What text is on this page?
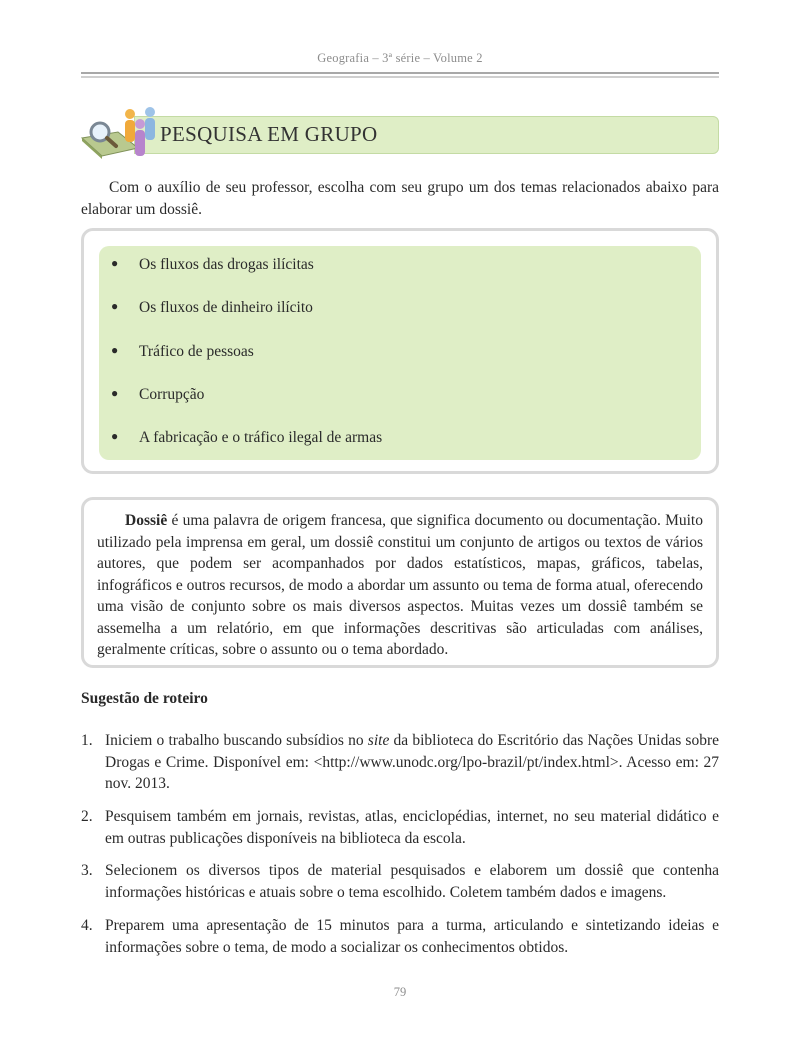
Geografia – 3ª série – Volume 2
PESQUISA EM GRUPO

Com o auxílio de seu professor, escolha com seu grupo um dos temas relacionados abaixo para elaborar um dossiê.

● Os fluxos das drogas ilícitas
● Os fluxos de dinheiro ilícito
● Tráfico de pessoas
● Corrupção
● A fabricação e o tráfico ilegal de armas

Dossiê é uma palavra de origem francesa, que significa documento ou documentação. Muito utilizado pela imprensa em geral, um dossiê constitui um conjunto de artigos ou textos de vários autores, que podem ser acompanhados por dados estatísticos, mapas, gráficos, tabelas, infográficos e outros recursos, de modo a abordar um assunto ou tema de forma atual, oferecendo uma visão de conjunto sobre os mais diversos aspectos. Muitas vezes um dossiê também se assemelha a um relatório, em que informações descritivas são articuladas com análises, geralmente críticas, sobre o assunto ou o tema abordado.

Sugestão de roteiro

1. Iniciem o trabalho buscando subsídios no site da biblioteca do Escritório das Nações Unidas sobre Drogas e Crime. Disponível em: <http://www.unodc.org/lpo-brazil/pt/index.html>. Acesso em: 27 nov. 2013.
2. Pesquisem também em jornais, revistas, atlas, enciclopédias, internet, no seu material didático e em outras publicações disponíveis na biblioteca da escola.
3. Selecionem os diversos tipos de material pesquisados e elaborem um dossiê que contenha informações históricas e atuais sobre o tema escolhido. Coletem também dados e imagens.
4. Preparem uma apresentação de 15 minutos para a turma, articulando e sintetizando ideias e informações sobre o tema, de modo a socializar os conhecimentos obtidos.
79
